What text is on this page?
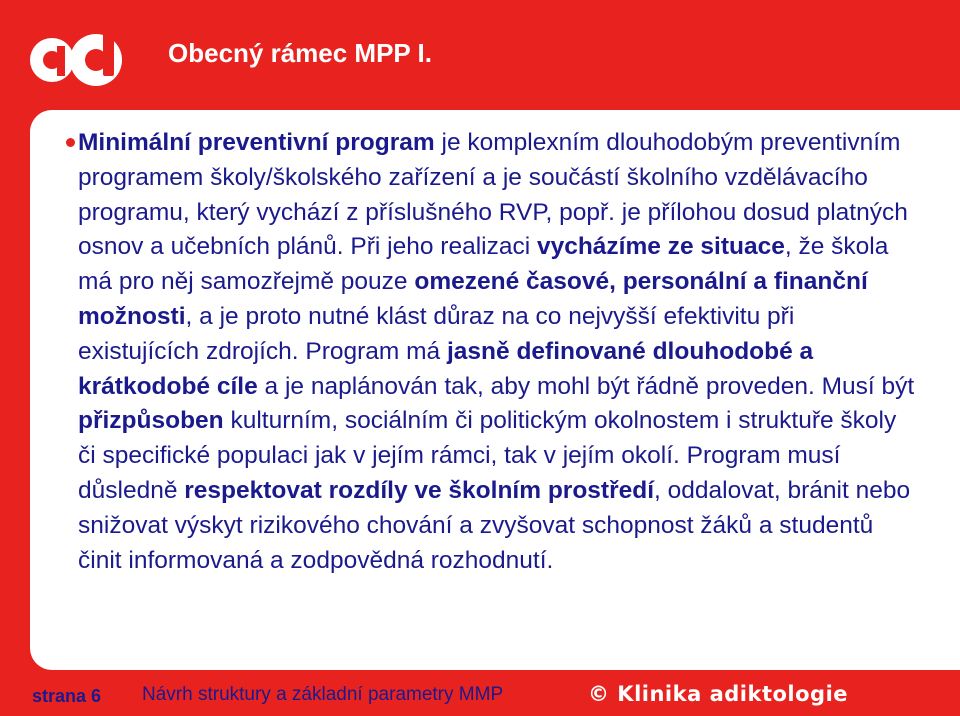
Obecný rámec MPP I.
Minimální preventivní program je komplexním dlouhodobým preventivním programem školy/školského zařízení a je součástí školního vzdělávacího programu, který vychází z příslušného RVP, popř. je přílohou dosud platných osnov a učebních plánů. Při jeho realizaci vycházíme ze situace, že škola má pro něj samozřejmě pouze omezené časové, personální a finanční možnosti, a je proto nutné klást důraz na co nejvyšší efektivitu při existujících zdrojích. Program má jasně definované dlouhodobé a krátkodobé cíle a je naplánován tak, aby mohl být řádně proveden. Musí být přizpůsoben kulturním, sociálním či politickým okolnostem i struktuře školy či specifické populaci jak v jejím rámci, tak v jejím okolí. Program musí důsledně respektovat rozdíly ve školním prostředí, oddalovat, bránit nebo snižovat výskyt rizikového chování a zvyšovat schopnost žáků a studentů činit informovaná a zodpovědná rozhodnutí.
strana 6 Návrh struktury a základní parametry MMP	© Klinika adiktologie
